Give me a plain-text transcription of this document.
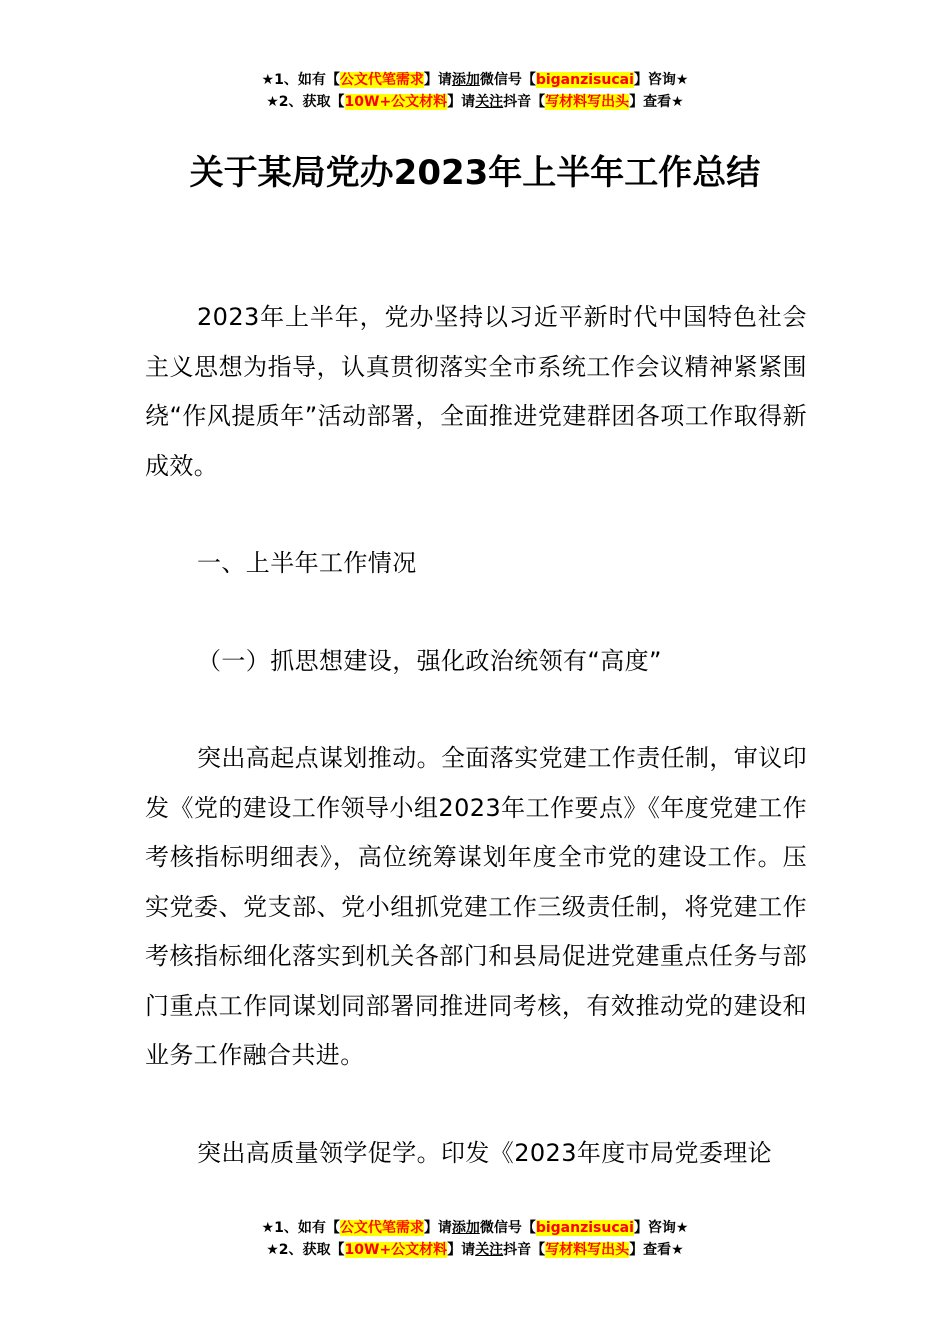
★1、如有【公文代笔需求】请添加微信号【biganzisucai】咨询★
★2、获取【10W+公文材料】请关注抖音【写材料写出头】查看★
关于某局党办2023年上半年工作总结

2023年上半年，党办坚持以习近平新时代中国特色社会主义思想为指导，认真贯彻落实全市系统工作会议精神紧紧围绕“作风提质年”活动部署，全面推进党建群团各项工作取得新成效。

一、上半年工作情况

（一）抓思想建设，强化政治统领有“高度”

突出高起点谋划推动。全面落实党建工作责任制，审议印发《党的建设工作领导小组2023年工作要点》《年度党建工作考核指标明细表》，高位统筹谋划年度全市党的建设工作。压实党委、党支部、党小组抓党建工作三级责任制，将党建工作考核指标细化落实到机关各部门和县局促进党建重点任务与部门重点工作同谋划同部署同推进同考核，有效推动党的建设和业务工作融合共进。

突出高质量领学促学。印发《2023年度市局党委理论

★1、如有【公文代笔需求】请添加微信号【biganzisucai】咨询★
★2、获取【10W+公文材料】请关注抖音【写材料写出头】查看★
